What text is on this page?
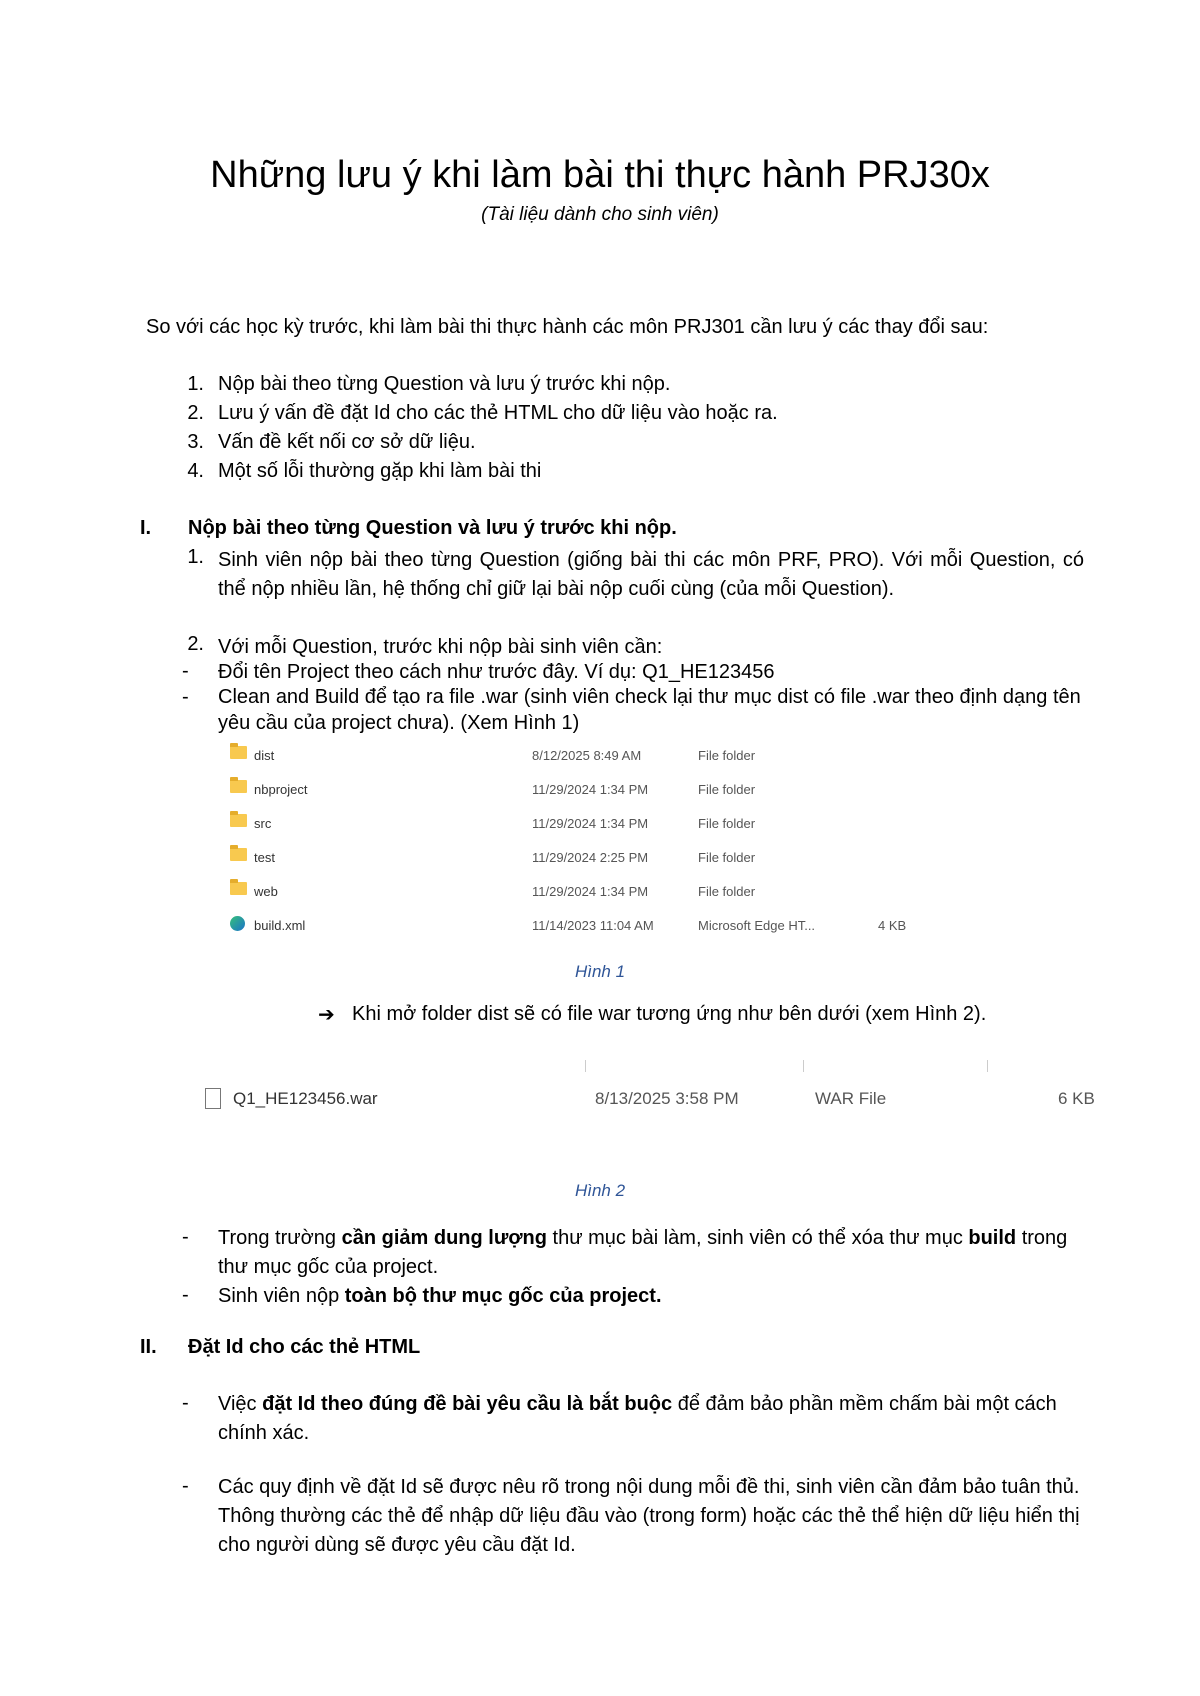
Những lưu ý khi làm bài thi thực hành PRJ30x
(Tài liệu dành cho sinh viên)
So với các học kỳ trước, khi làm bài thi thực hành các môn PRJ301 cần lưu ý các thay đổi sau:
1. Nộp bài theo từng Question và lưu ý trước khi nộp.
2. Lưu ý vấn đề đặt Id cho các thẻ HTML cho dữ liệu vào hoặc ra.
3. Vấn đề kết nối cơ sở dữ liệu.
4. Một số lỗi thường gặp khi làm bài thi
I. Nộp bài theo từng Question và lưu ý trước khi nộp.
1. Sinh viên nộp bài theo từng Question (giống bài thi các môn PRF, PRO). Với mỗi Question, có thể nộp nhiều lần, hệ thống chỉ giữ lại bài nộp cuối cùng (của mỗi Question).
2. Với mỗi Question, trước khi nộp bài sinh viên cần:
- Đổi tên Project theo cách như trước đây. Ví dụ: Q1_HE123456
- Clean and Build để tạo ra file .war (sinh viên check lại thư mục dist có file .war theo định dạng tên yêu cầu của project chưa). (Xem Hình 1)
dist	8/12/2025 8:49 AM	File folder
nbproject	11/29/2024 1:34 PM	File folder
src	11/29/2024 1:34 PM	File folder
test	11/29/2024 2:25 PM	File folder
web	11/29/2024 1:34 PM	File folder
build.xml	11/14/2023 11:04 AM	Microsoft Edge HT...	4 KB
Hình 1
➔ Khi mở folder dist sẽ có file war tương ứng như bên dưới (xem Hình 2).
Q1_HE123456.war	8/13/2025 3:58 PM	WAR File	6 KB
Hình 2
- Trong trường cần giảm dung lượng thư mục bài làm, sinh viên có thể xóa thư mục build trong thư mục gốc của project.
- Sinh viên nộp toàn bộ thư mục gốc của project.
II. Đặt Id cho các thẻ HTML
- Việc đặt Id theo đúng đề bài yêu cầu là bắt buộc để đảm bảo phần mềm chấm bài một cách chính xác.
- Các quy định về đặt Id sẽ được nêu rõ trong nội dung mỗi đề thi, sinh viên cần đảm bảo tuân thủ. Thông thường các thẻ để nhập dữ liệu đầu vào (trong form) hoặc các thẻ thể hiện dữ liệu hiển thị cho người dùng sẽ được yêu cầu đặt Id.
